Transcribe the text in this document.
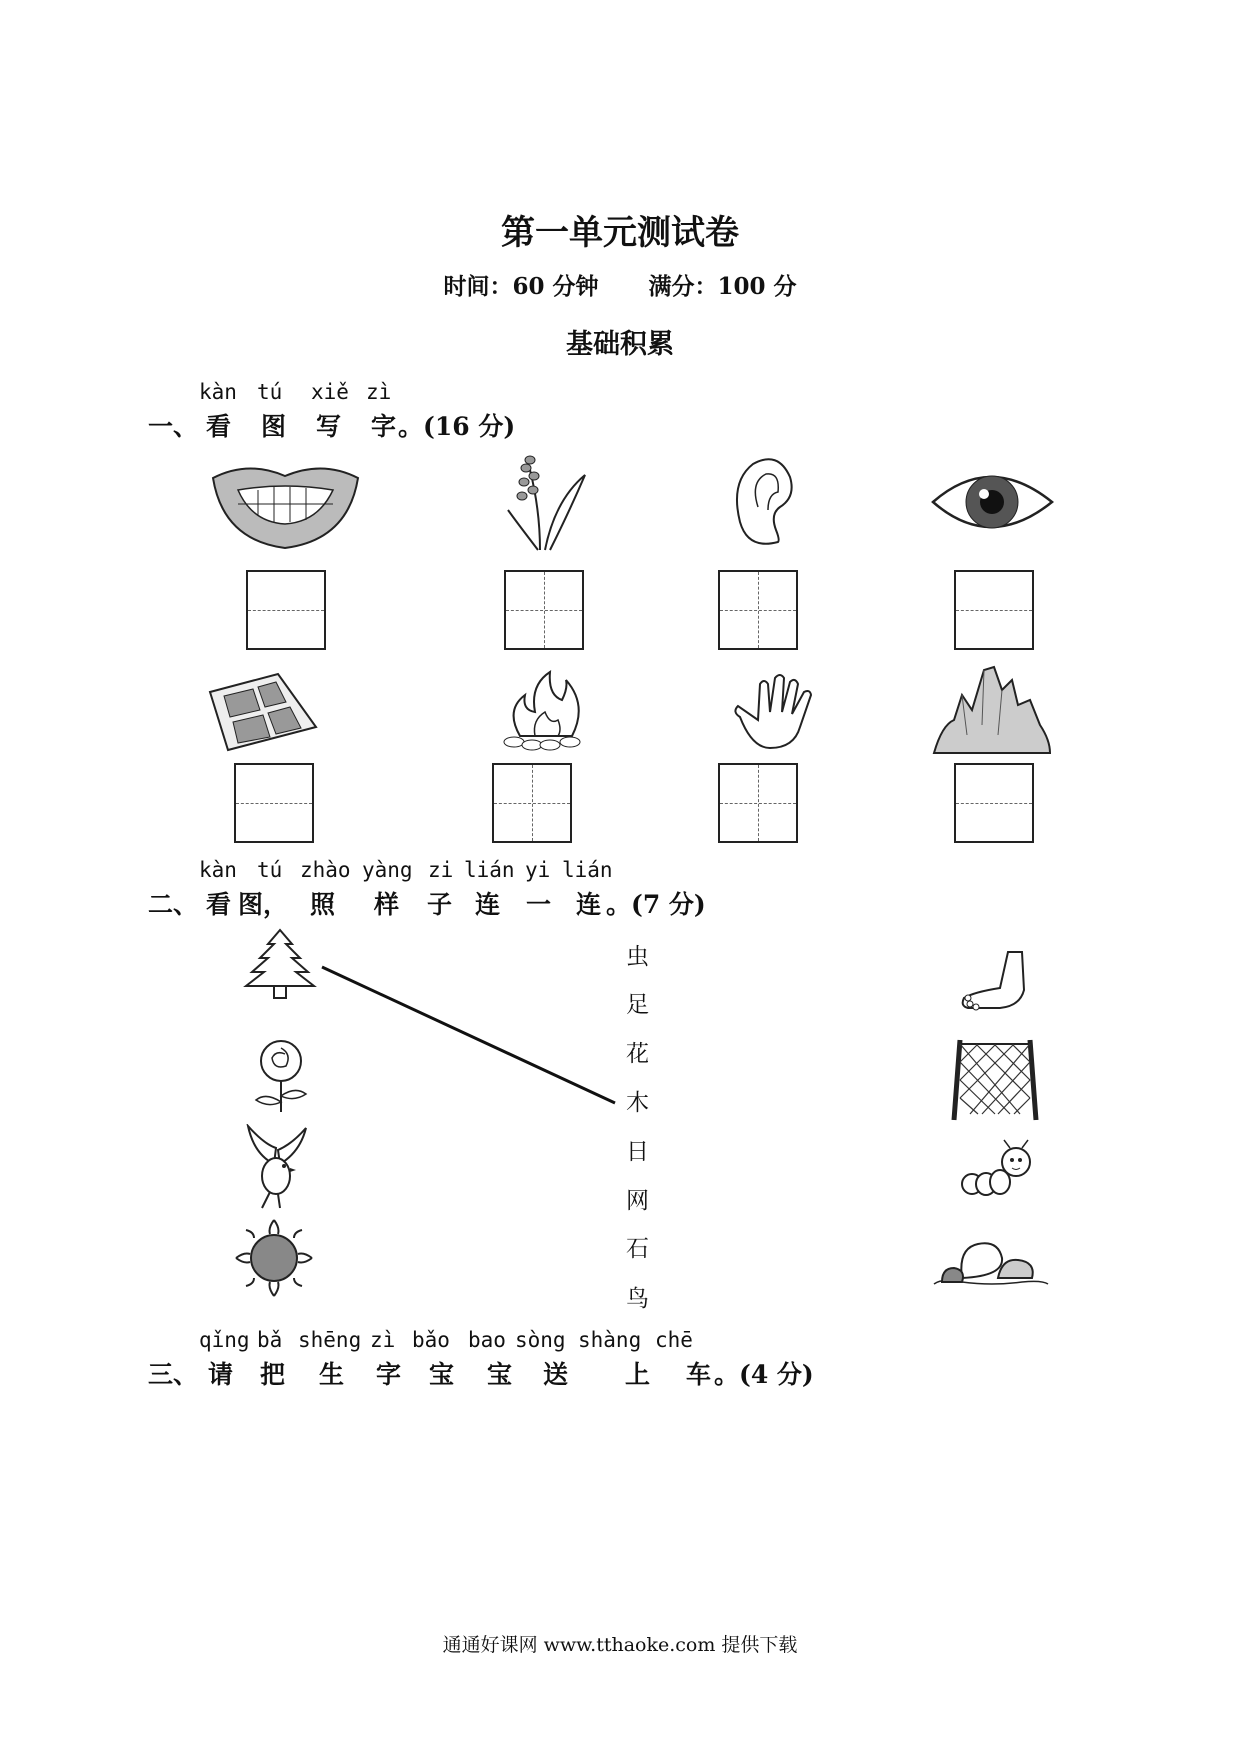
第一单元测试卷
时间：60 分钟 满分：100 分
基础积累
一、 看 图 写 字
kàn tú xiě zì
。(16 分)
二、 看 图， 照 样 子 连 一 连
kàn tú zhào yàng zi lián yi lián
。(7 分)
虫
足
花
木
日
网
石
鸟
三、 请 把 生 字 宝 宝 送 上 车
qǐng bǎ shēng zì bǎo bao sòng shàng chē
。(4 分)
通通好课网 www.tthaoke.com 提供下载
